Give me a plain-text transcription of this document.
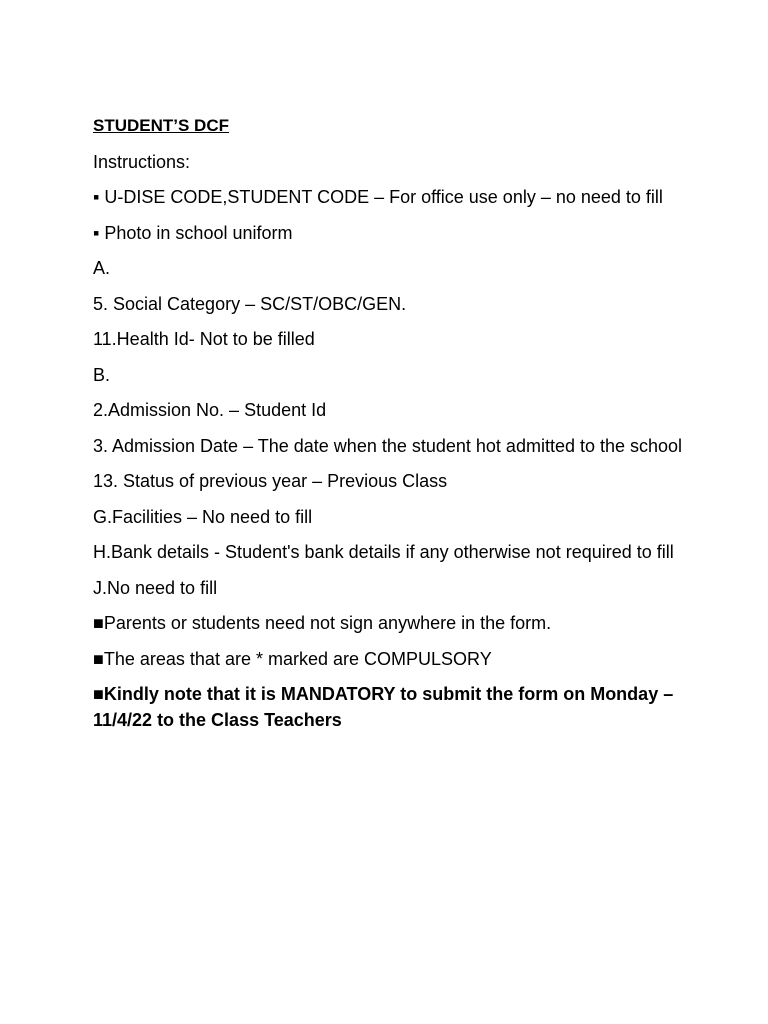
STUDENT’S DCF

Instructions:

▪ U-DISE CODE,STUDENT CODE – For office use only – no need to fill

▪ Photo in school uniform

A.

5. Social Category – SC/ST/OBC/GEN.

11.Health Id- Not to be filled

B.

2.Admission No. – Student Id

3. Admission Date – The date when the student hot admitted to the school

13. Status of previous year – Previous Class

G.Facilities – No need to fill

H.Bank details - Student's bank details if any otherwise not required to fill

J.No need to fill

■Parents or students need not sign anywhere in the form.

■The areas that are * marked are COMPULSORY

■Kindly note that it is MANDATORY to submit the form on Monday – 11/4/22 to the Class Teachers
